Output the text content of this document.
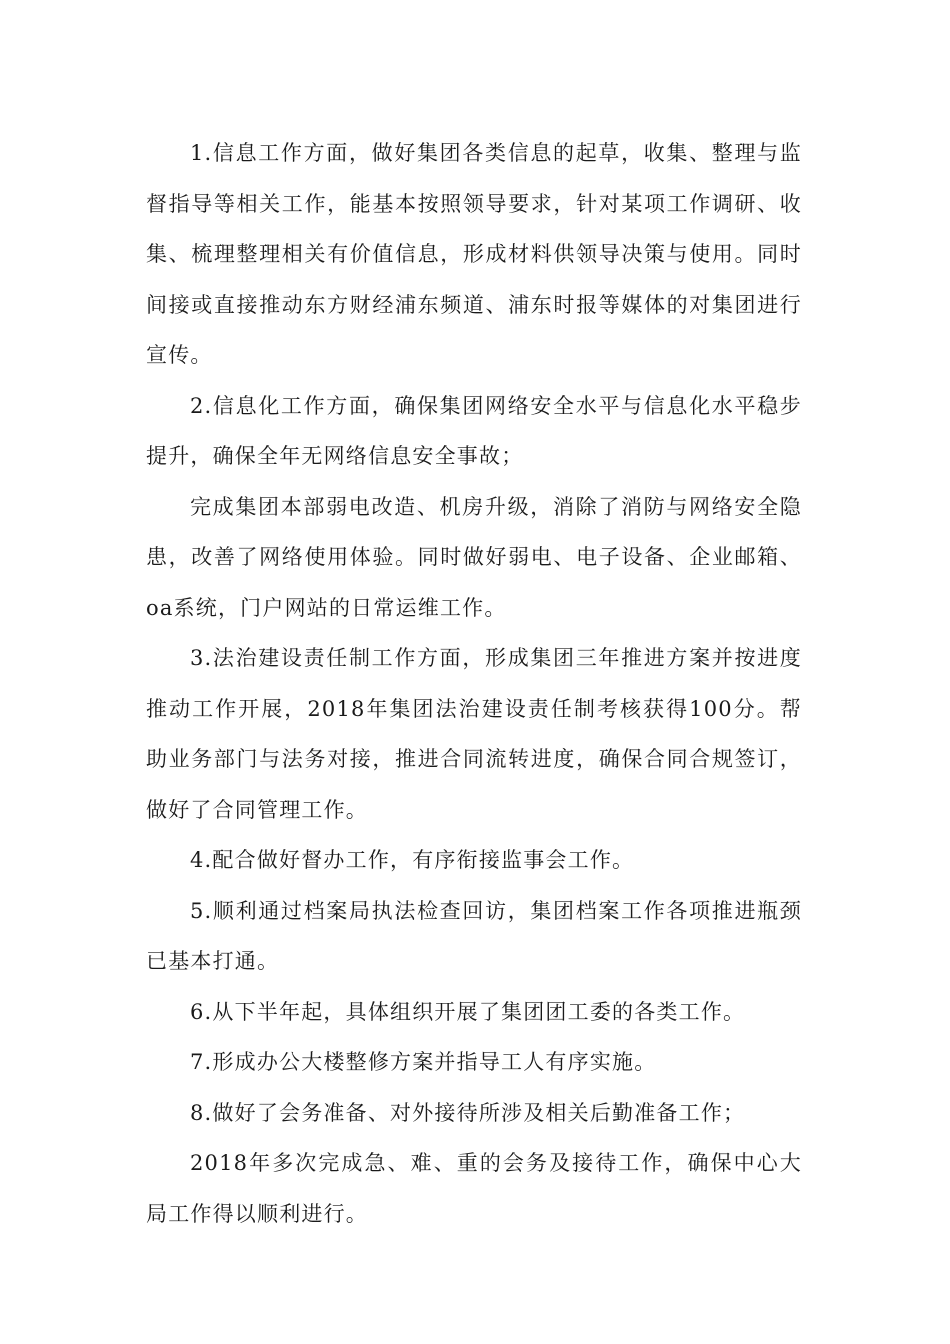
1.信息工作方面，做好集团各类信息的起草，收集、整理与监督指导等相关工作，能基本按照领导要求，针对某项工作调研、收集、梳理整理相关有价值信息，形成材料供领导决策与使用。同时间接或直接推动东方财经浦东频道、浦东时报等媒体的对集团进行宣传。

2.信息化工作方面，确保集团网络安全水平与信息化水平稳步提升，确保全年无网络信息安全事故；

完成集团本部弱电改造、机房升级，消除了消防与网络安全隐患，改善了网络使用体验。同时做好弱电、电子设备、企业邮箱、oa系统，门户网站的日常运维工作。

3.法治建设责任制工作方面，形成集团三年推进方案并按进度推动工作开展，2018年集团法治建设责任制考核获得100分。帮助业务部门与法务对接，推进合同流转进度，确保合同合规签订，做好了合同管理工作。

4.配合做好督办工作，有序衔接监事会工作。

5.顺利通过档案局执法检查回访，集团档案工作各项推进瓶颈已基本打通。

6.从下半年起，具体组织开展了集团团工委的各类工作。

7.形成办公大楼整修方案并指导工人有序实施。

8.做好了会务准备、对外接待所涉及相关后勤准备工作；

2018年多次完成急、难、重的会务及接待工作，确保中心大局工作得以顺利进行。
